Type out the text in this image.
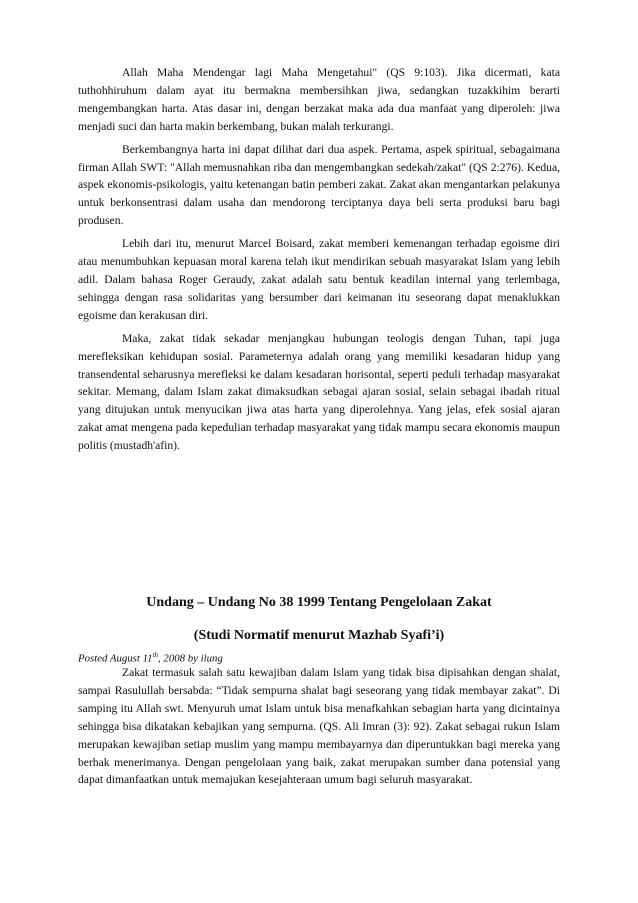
Allah Maha Mendengar lagi Maha Mengetahui" (QS 9:103). Jika dicermati, kata tuthohhiruhum dalam ayat itu bermakna membersihkan jiwa, sedangkan tuzakkihim berarti mengembangkan harta. Atas dasar ini, dengan berzakat maka ada dua manfaat yang diperoleh: jiwa menjadi suci dan harta makin berkembang, bukan malah terkurangi.

Berkembangnya harta ini dapat dilihat dari dua aspek. Pertama, aspek spiritual, sebagaimana firman Allah SWT: "Allah memusnahkan riba dan mengembangkan sedekah/zakat" (QS 2:276). Kedua, aspek ekonomis-psikologis, yaitu ketenangan batin pemberi zakat. Zakat akan mengantarkan pelakunya untuk berkonsentrasi dalam usaha dan mendorong terciptanya daya beli serta produksi baru bagi produsen.

Lebih dari itu, menurut Marcel Boisard, zakat memberi kemenangan terhadap egoisme diri atau menumbuhkan kepuasan moral karena telah ikut mendirikan sebuah masyarakat Islam yang lebih adil. Dalam bahasa Roger Geraudy, zakat adalah satu bentuk keadilan internal yang terlembaga, sehingga dengan rasa solidaritas yang bersumber dari keimanan itu seseorang dapat menaklukkan egoisme dan kerakusan diri.

Maka, zakat tidak sekadar menjangkau hubungan teologis dengan Tuhan, tapi juga merefleksikan kehidupan sosial. Parameternya adalah orang yang memiliki kesadaran hidup yang transendental seharusnya merefleksi ke dalam kesadaran horisontal, seperti peduli terhadap masyarakat sekitar. Memang, dalam Islam zakat dimaksudkan sebagai ajaran sosial, selain sebagai ibadah ritual yang ditujukan untuk menyucikan jiwa atas harta yang diperolehnya. Yang jelas, efek sosial ajaran zakat amat mengena pada kepedulian terhadap masyarakat yang tidak mampu secara ekonomis maupun politis (mustadh'afin).

Undang – Undang No 38 1999 Tentang Pengelolaan Zakat
(Studi Normatif menurut Mazhab Syafi’i)
Posted August 11th, 2008 by ilung

Zakat termasuk salah satu kewajiban dalam Islam yang tidak bisa dipisahkan dengan shalat, sampai Rasulullah bersabda: “Tidak sempurna shalat bagi seseorang yang tidak membayar zakat”. Di samping itu Allah swt. Menyuruh umat Islam untuk bisa menafkahkan sebagian harta yang dicintainya sehingga bisa dikatakan kebajikan yang sempurna. (QS. Ali Imran (3): 92). Zakat sebagai rukun Islam merupakan kewajiban setiap muslim yang mampu membayarnya dan diperuntukkan bagi mereka yang berhak menerimanya. Dengan pengelolaan yang baik, zakat merupakan sumber dana potensial yang dapat dimanfaatkan untuk memajukan kesejahteraan umum bagi seluruh masyarakat.
